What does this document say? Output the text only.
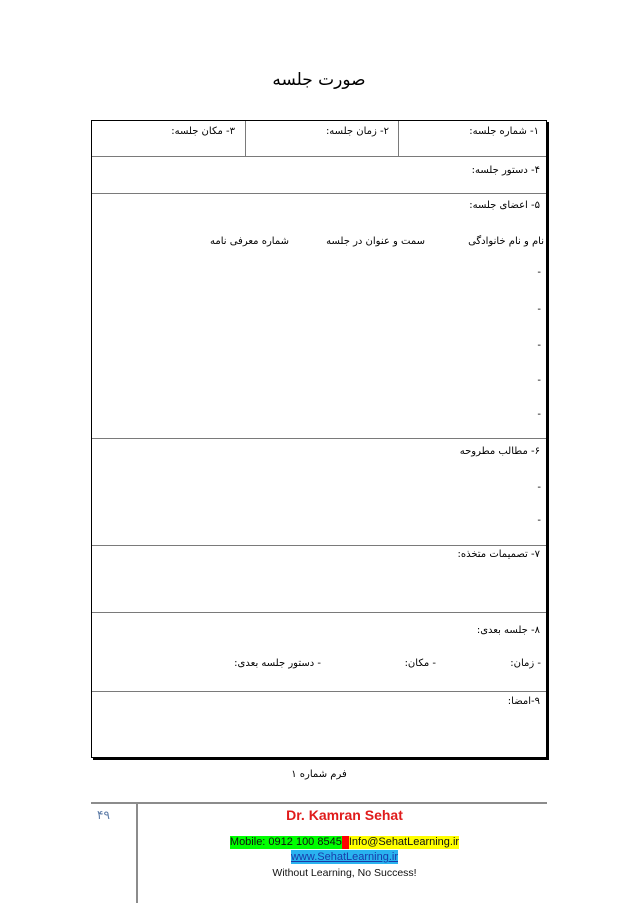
صورت جلسه
۱- شماره جلسه:
۲- زمان جلسه:
۳- مکان جلسه:
۴- دستور جلسه:
۵- اعضای جلسه:
نام و نام خانوادگی
سمت و عنوان در جلسه
شماره معرفی نامه
-
-
-
-
-
۶- مطالب مطروحه
-
-
۷- تصمیمات متخذه:
۸- جلسه بعدی:
- زمان:
- مکان:
- دستور جلسه بعدی:
۹-امضا:
فرم شماره ۱
۴۹	Dr. Kamran Sehat
Mobile: 0912 100 8545 Info@SehatLearning.ir
www.SehatLearning.ir
Without Learning, No Success!
